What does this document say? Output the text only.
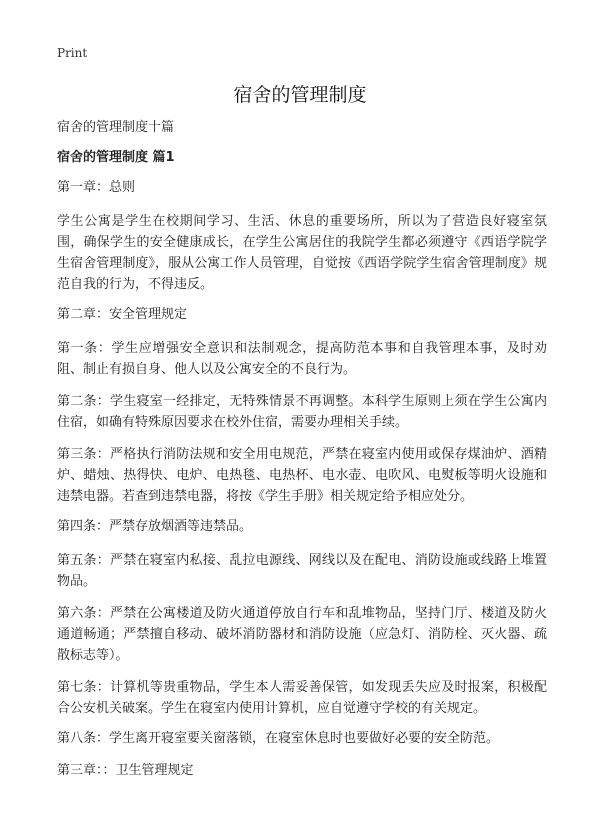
Print
宿舍的管理制度

宿舍的管理制度十篇

宿舍的管理制度 篇1

第一章：总则

学生公寓是学生在校期间学习、生活、休息的重要场所，所以为了营造良好寝室氛围，确保学生的安全健康成长，在学生公寓居住的我院学生都必须遵守《西语学院学生宿舍管理制度》，服从公寓工作人员管理，自觉按《西语学院学生宿舍管理制度》规范自我的行为，不得违反。

第二章：安全管理规定

第一条：学生应增强安全意识和法制观念，提高防范本事和自我管理本事，及时劝阻、制止有损自身、他人以及公寓安全的不良行为。

第二条：学生寝室一经排定，无特殊情景不再调整。本科学生原则上须在学生公寓内住宿，如确有特殊原因要求在校外住宿，需要办理相关手续。

第三条：严格执行消防法规和安全用电规范，严禁在寝室内使用或保存煤油炉、酒精炉、蜡烛、热得快、电炉、电热毯、电热杯、电水壶、电吹风、电熨板等明火设施和违禁电器。若查到违禁电器，将按《学生手册》相关规定给予相应处分。

第四条：严禁存放烟酒等违禁品。

第五条：严禁在寝室内私接、乱拉电源线、网线以及在配电、消防设施或线路上堆置物品。

第六条：严禁在公寓楼道及防火通道停放自行车和乱堆物品，坚持门厅、楼道及防火通道畅通；严禁擅自移动、破坏消防器材和消防设施（应急灯、消防栓、灭火器、疏散标志等）。

第七条：计算机等贵重物品，学生本人需妥善保管，如发现丢失应及时报案，积极配合公安机关破案。学生在寝室内使用计算机，应自觉遵守学校的有关规定。

第八条：学生离开寝室要关窗落锁，在寝室休息时也要做好必要的安全防范。

第三章：：卫生管理规定
